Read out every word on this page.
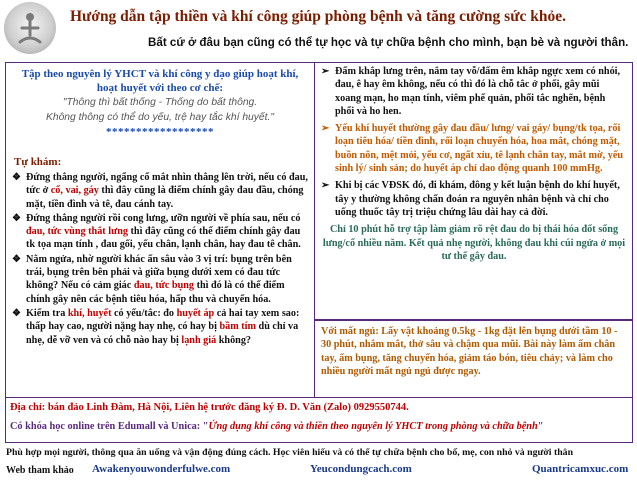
Hướng dẫn tập thiền và khí công giúp phòng bệnh và tăng cường sức khỏe.
Bất cứ ở đâu bạn cũng có thể tự học và tự chữa bệnh cho mình, bạn bè và người thân.
Tập theo nguyên lý YHCT và khí công y đạo giúp hoạt khí,
hoạt huyết với theo cơ chế:
"Thông thì bất thống - Thống do bất thông.
Không thông có thể do yếu, trệ hay tắc khí huyết."
******************
Tự khám:
❖ Đứng thẳng người, ngẩng cổ mắt nhìn thẳng lên trời, nếu có đau, tức ở cổ, vai, gáy thì đây cũng là điểm chính gây đau đầu, chóng mặt, tiền đình và tê, đau cánh tay.
❖ Đứng thẳng người rồi cong lưng, ưỡn người về phía sau, nếu có đau, tức vùng thắt lưng thì đây cũng có thể điểm chính gây đau tk tọa mạn tính , đau gối, yếu chân, lạnh chân, hay đau tê chân.
❖ Nằm ngửa, nhờ người khác ấn sâu vào 3 vị trí: bụng trên bên trái, bụng trên bên phải và giữa bụng dưới xem có đau tức không? Nếu có cảm giác đau, tức bụng thì đó là có thể điểm chính gây nên các bệnh tiêu hóa, hấp thu và chuyển hóa.
❖ Kiểm tra khí, huyết có yếu/tắc: đo huyết áp cả hai tay xem sao: thấp hay cao, người nặng hay nhẹ, có hay bị bầm tím dù chỉ va nhẹ, dễ vỡ ven và có chỗ nào hay bị lạnh giá không?

➢ Đấm khắp lưng trên, nắm tay vỗ/đấm êm khắp ngực xem có nhói, đau, ê hay êm không, nếu có thì đó là chỗ tắc ở phổi, gây mũi xoang mạn, ho mạn tính, viêm phế quản, phổi tắc nghẽn, bệnh phổi và ho hen.

➢ Yếu khí huyết thường gây đau đầu/ lưng/ vai gáy/ bụng/tk tọa, rối loạn tiêu hóa/ tiền đình, rối loạn chuyển hóa, hoa mắt, chóng mặt, buồn nôn, mệt mỏi, yếu cơ, ngất xỉu, tê lạnh chân tay, mắt mờ, yếu sinh lý/ sinh sản; do huyết áp chỉ dao động quanh 100 mmHg.

➢ Khi bị các VĐSK đó, đi khám, đông y kết luận bệnh do khí huyết, tây y thường không chẩn đoán ra nguyên nhân bệnh và chỉ cho uống thuốc tây trị triệu chứng lâu dài hay cả đời.

Chỉ 10 phút hỗ trợ tập làm giảm rõ rệt đau do bị thái hóa đốt sống lưng/cổ nhiều năm. Kết quả nhẹ người, không đau khi cúi ngửa ở mọi tư thế gây đau.

Với mất ngủ: Lấy vật khoảng 0.5kg - 1kg đặt lên bụng dưới tầm 10 - 30 phút, nhắm mắt, thở sâu và chậm qua mũi. Bài này làm ấm chân tay, ấm bụng, tăng chuyển hóa, giảm táo bón, tiêu chảy; và làm cho nhiều người mất ngủ ngủ được ngay.
Địa chỉ: bán đảo Linh Đàm, Hà Nội, Liên hệ trước đăng ký Đ. D. Văn (Zalo) 0929550744.
Có khóa học online trên Edumall và Unica: "Ứng dụng khí công và thiền theo nguyên lý YHCT trong phòng và chữa bệnh"
Phù hợp mọi người, thông qua ăn uống và vận động đúng cách. Học viên hiểu và có thể tự chữa bệnh cho bố, mẹ, con nhỏ và người thân
Web tham khảo Awakenyouwonderfulwe.com	Yeucondungcach.com	Quantricamxuc.com
